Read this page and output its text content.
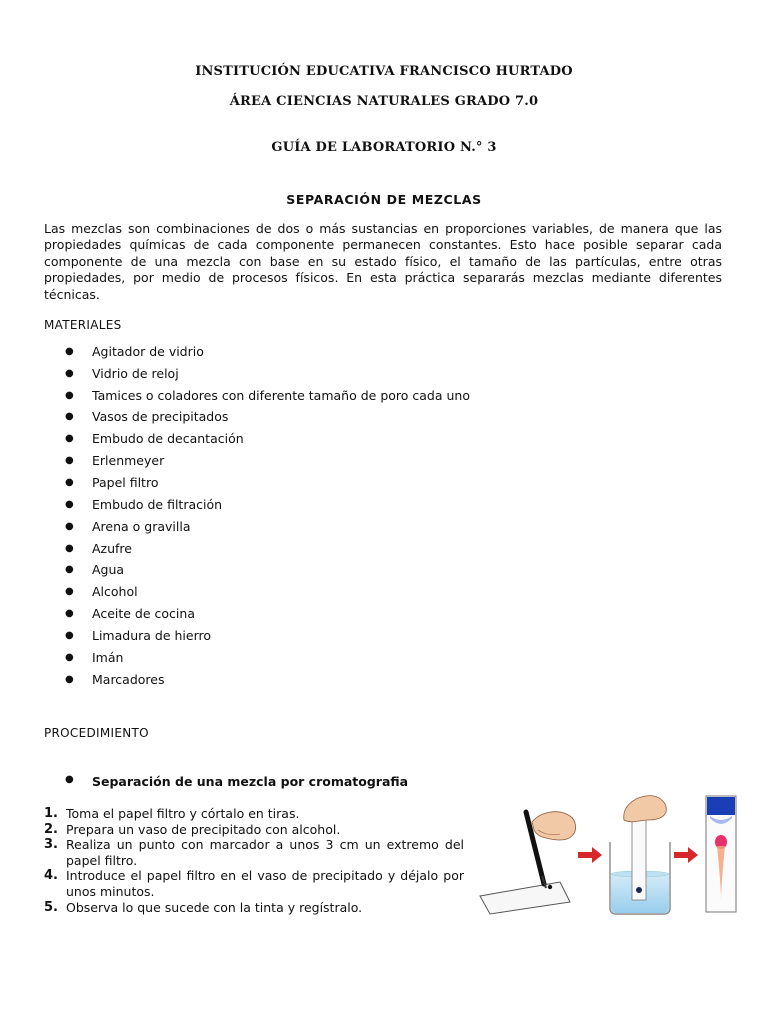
INSTITUCIÓN EDUCATIVA FRANCISCO HURTADO
ÁREA CIENCIAS NATURALES GRADO 7.0
GUÍA DE LABORATORIO N.° 3
SEPARACIÓN DE MEZCLAS

Las mezclas son combinaciones de dos o más sustancias en proporciones variables, de manera que las propiedades químicas de cada componente permanecen constantes. Esto hace posible separar cada componente de una mezcla con base en su estado físico, el tamaño de las partículas, entre otras propiedades, por medio de procesos físicos. En esta práctica separarás mezclas mediante diferentes técnicas.

MATERIALES
●	Agitador de vidrio
●	Vidrio de reloj
●	Tamices o coladores con diferente tamaño de poro cada uno
●	Vasos de precipitados
●	Embudo de decantación
●	Erlenmeyer
●	Papel filtro
●	Embudo de filtración
●	Arena o gravilla
●	Azufre
●	Agua
●	Alcohol
●	Aceite de cocina
●	Limadura de hierro
●	Imán
●	Marcadores
PROCEDIMIENTO
●	Separación de una mezcla por cromatografia
1. Toma el papel filtro y córtalo en tiras.
2. Prepara un vaso de precipitado con alcohol.
3. Realiza un punto con marcador a unos 3 cm un extremo del papel filtro.
4. Introduce el papel filtro en el vaso de precipitado y déjalo por unos minutos.
5. Observa lo que sucede con la tinta y regístralo.
